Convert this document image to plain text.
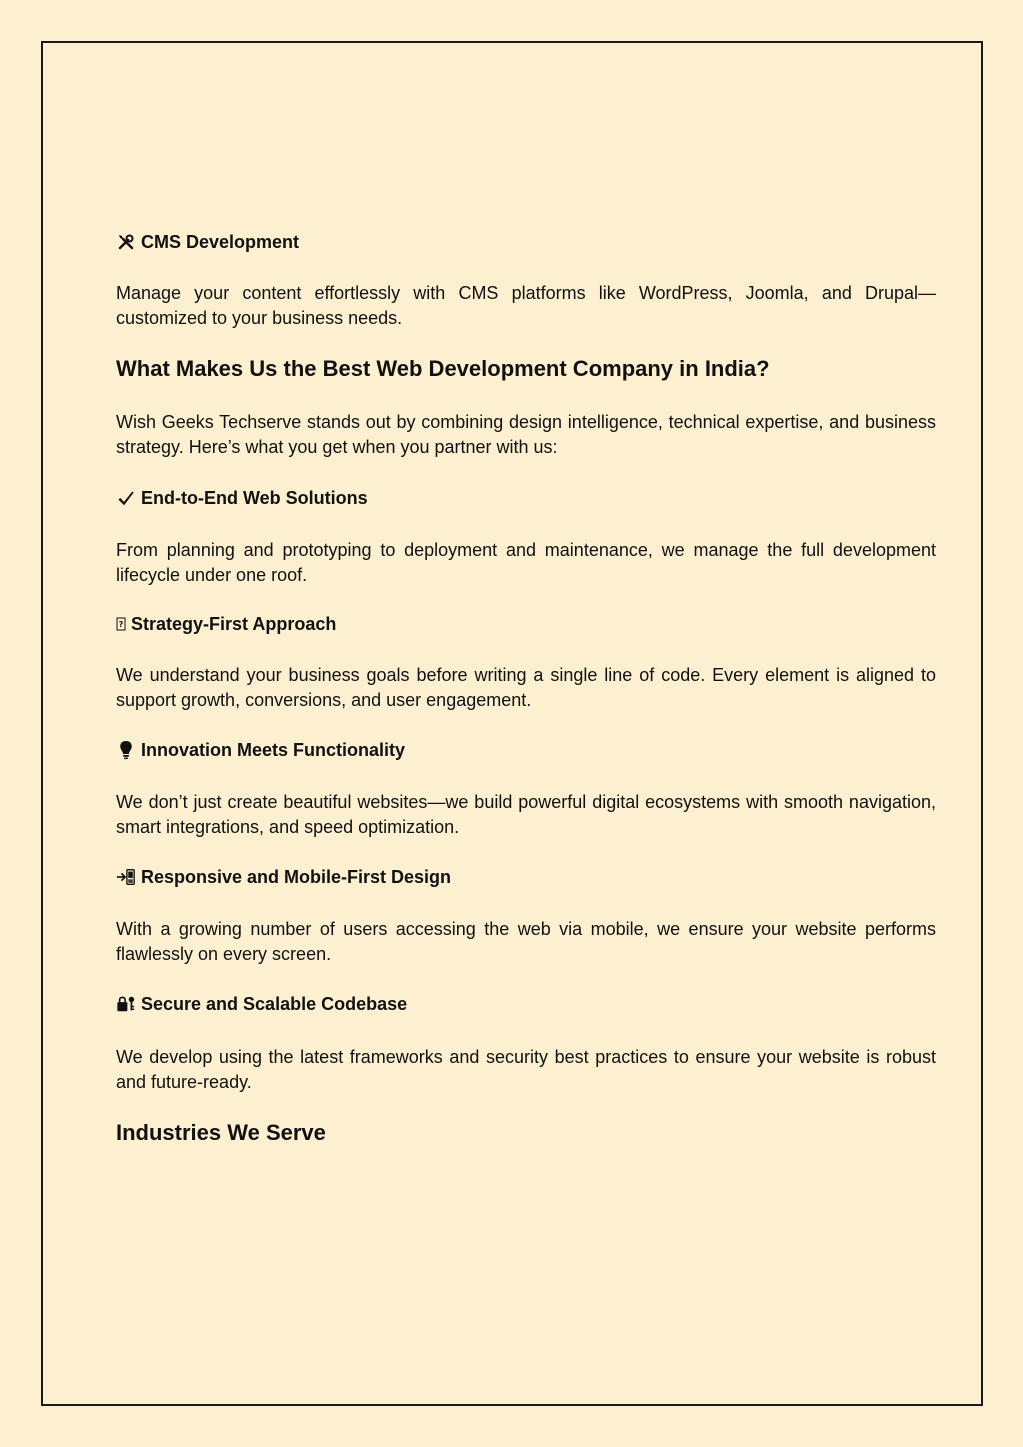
CMS Development
Manage your content effortlessly with CMS platforms like WordPress, Joomla, and Drupal—customized to your business needs.
What Makes Us the Best Web Development Company in India?
Wish Geeks Techserve stands out by combining design intelligence, technical expertise, and business strategy. Here’s what you get when you partner with us:
End-to-End Web Solutions
From planning and prototyping to deployment and maintenance, we manage the full development lifecycle under one roof.
? Strategy-First Approach
We understand your business goals before writing a single line of code. Every element is aligned to support growth, conversions, and user engagement.
Innovation Meets Functionality
We don’t just create beautiful websites—we build powerful digital ecosystems with smooth navigation, smart integrations, and speed optimization.
Responsive and Mobile-First Design
With a growing number of users accessing the web via mobile, we ensure your website performs flawlessly on every screen.
Secure and Scalable Codebase
We develop using the latest frameworks and security best practices to ensure your website is robust and future-ready.
Industries We Serve
